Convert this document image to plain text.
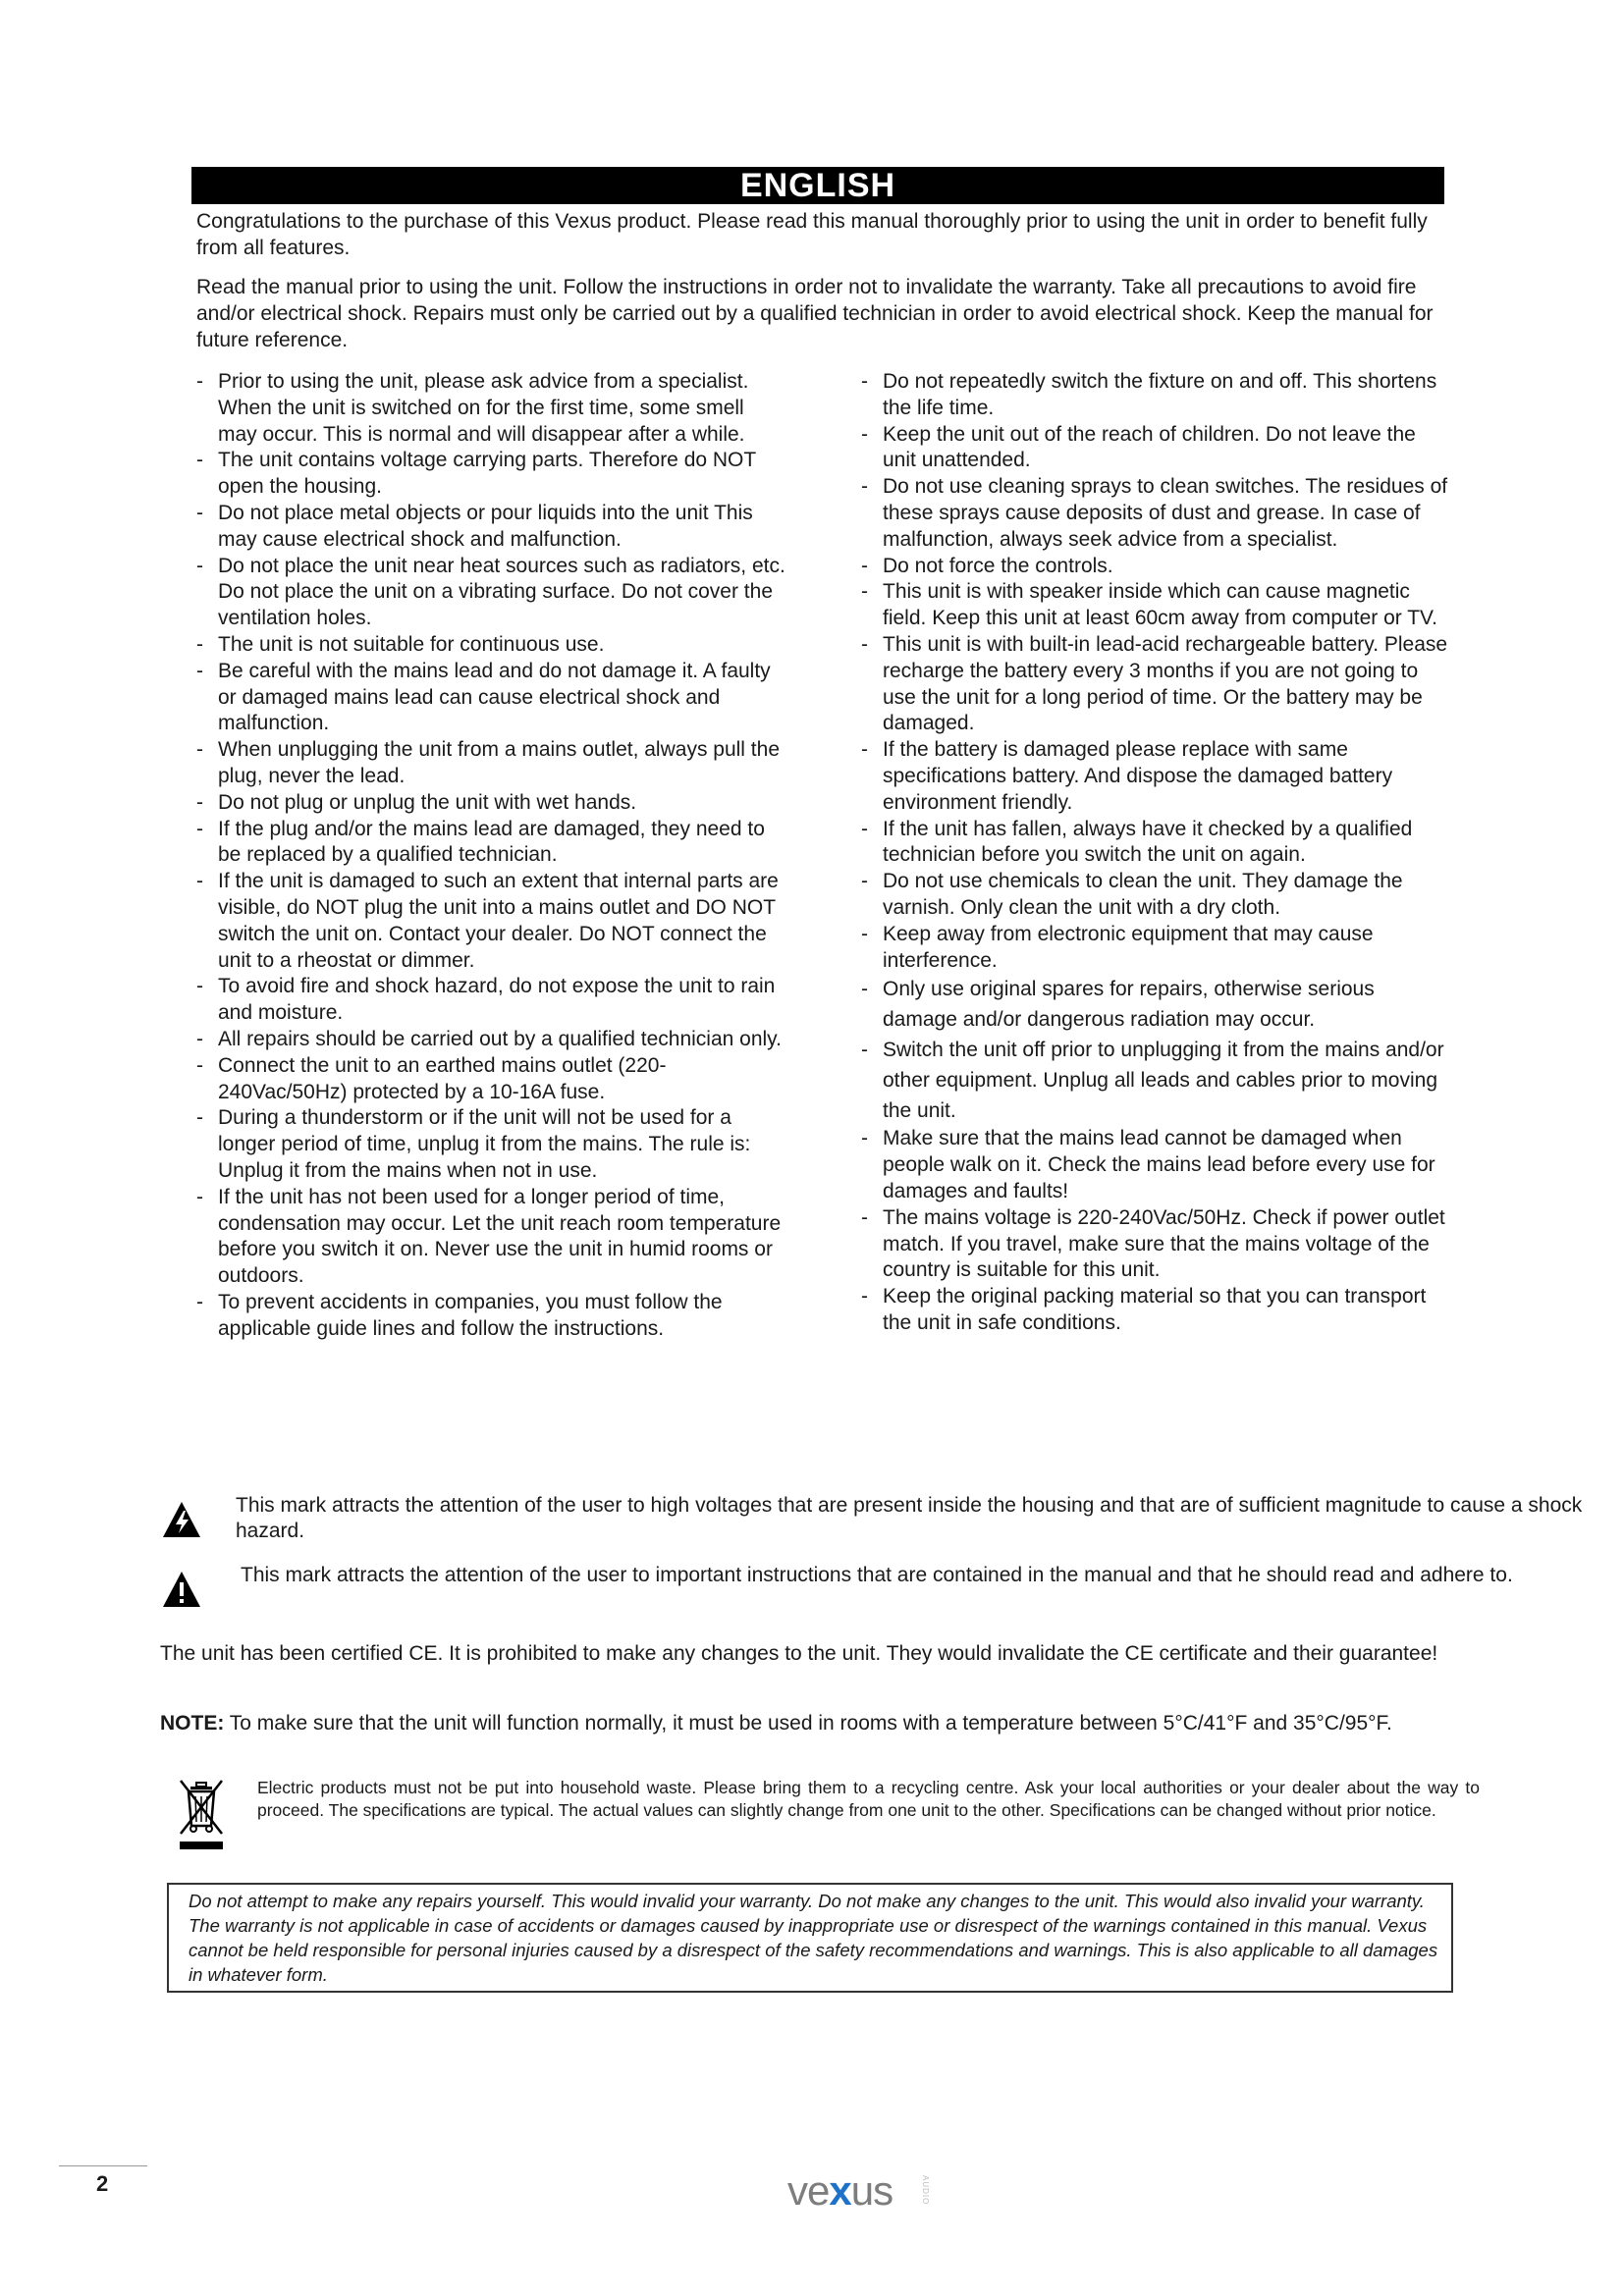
ENGLISH

Congratulations to the purchase of this Vexus product. Please read this manual thoroughly prior to using the unit in order to benefit fully from all features.

Read the manual prior to using the unit. Follow the instructions in order not to invalidate the warranty. Take all precautions to avoid fire and/or electrical shock. Repairs must only be carried out by a qualified technician in order to avoid electrical shock. Keep the manual for future reference.

- Prior to using the unit, please ask advice from a specialist. When the unit is switched on for the first time, some smell may occur. This is normal and will disappear after a while.
- The unit contains voltage carrying parts. Therefore do NOT open the housing.
- Do not place metal objects or pour liquids into the unit This may cause electrical shock and malfunction.
- Do not place the unit near heat sources such as radiators, etc. Do not place the unit on a vibrating surface. Do not cover the ventilation holes.
- The unit is not suitable for continuous use.
- Be careful with the mains lead and do not damage it. A faulty or damaged mains lead can cause electrical shock and malfunction.
- When unplugging the unit from a mains outlet, always pull the plug, never the lead.
- Do not plug or unplug the unit with wet hands.
- If the plug and/or the mains lead are damaged, they need to be replaced by a qualified technician.
- If the unit is damaged to such an extent that internal parts are visible, do NOT plug the unit into a mains outlet and DO NOT switch the unit on. Contact your dealer. Do NOT connect the unit to a rheostat or dimmer.
- To avoid fire and shock hazard, do not expose the unit to rain and moisture.
- All repairs should be carried out by a qualified technician only.
- Connect the unit to an earthed mains outlet (220-240Vac/50Hz) protected by a 10-16A fuse.
- During a thunderstorm or if the unit will not be used for a longer period of time, unplug it from the mains. The rule is: Unplug it from the mains when not in use.
- If the unit has not been used for a longer period of time, condensation may occur. Let the unit reach room temperature before you switch it on. Never use the unit in humid rooms or outdoors.
- To prevent accidents in companies, you must follow the applicable guide lines and follow the instructions.
- Do not repeatedly switch the fixture on and off. This shortens the life time.
- Keep the unit out of the reach of children. Do not leave the unit unattended.
- Do not use cleaning sprays to clean switches. The residues of these sprays cause deposits of dust and grease. In case of malfunction, always seek advice from a specialist.
- Do not force the controls.
- This unit is with speaker inside which can cause magnetic field. Keep this unit at least 60cm away from computer or TV.
- This unit is with built-in lead-acid rechargeable battery. Please recharge the battery every 3 months if you are not going to use the unit for a long period of time. Or the battery may be damaged.
- If the battery is damaged please replace with same specifications battery. And dispose the damaged battery environment friendly.
- If the unit has fallen, always have it checked by a qualified technician before you switch the unit on again.
- Do not use chemicals to clean the unit. They damage the varnish. Only clean the unit with a dry cloth.
- Keep away from electronic equipment that may cause interference.
- Only use original spares for repairs, otherwise serious damage and/or dangerous radiation may occur.
- Switch the unit off prior to unplugging it from the mains and/or other equipment. Unplug all leads and cables prior to moving the unit.
- Make sure that the mains lead cannot be damaged when people walk on it. Check the mains lead before every use for damages and faults!
- The mains voltage is 220-240Vac/50Hz. Check if power outlet match. If you travel, make sure that the mains voltage of the country is suitable for this unit.
- Keep the original packing material so that you can transport the unit in safe conditions.

This mark attracts the attention of the user to high voltages that are present inside the housing and that are of sufficient magnitude to cause a shock hazard.

This mark attracts the attention of the user to important instructions that are contained in the manual and that he should read and adhere to.

The unit has been certified CE. It is prohibited to make any changes to the unit. They would invalidate the CE certificate and their guarantee!

NOTE: To make sure that the unit will function normally, it must be used in rooms with a temperature between 5°C/41°F and 35°C/95°F.

Electric products must not be put into household waste. Please bring them to a recycling centre. Ask your local authorities or your dealer about the way to proceed. The specifications are typical. The actual values can slightly change from one unit to the other. Specifications can be changed without prior notice.

Do not attempt to make any repairs yourself. This would invalid your warranty. Do not make any changes to the unit. This would also invalid your warranty. The warranty is not applicable in case of accidents or damages caused by inappropriate use or disrespect of the warnings contained in this manual. Vexus cannot be held responsible for personal injuries caused by a disrespect of the safety recommendations and warnings. This is also applicable to all damages in whatever form.
2	vexus	AUDIO
